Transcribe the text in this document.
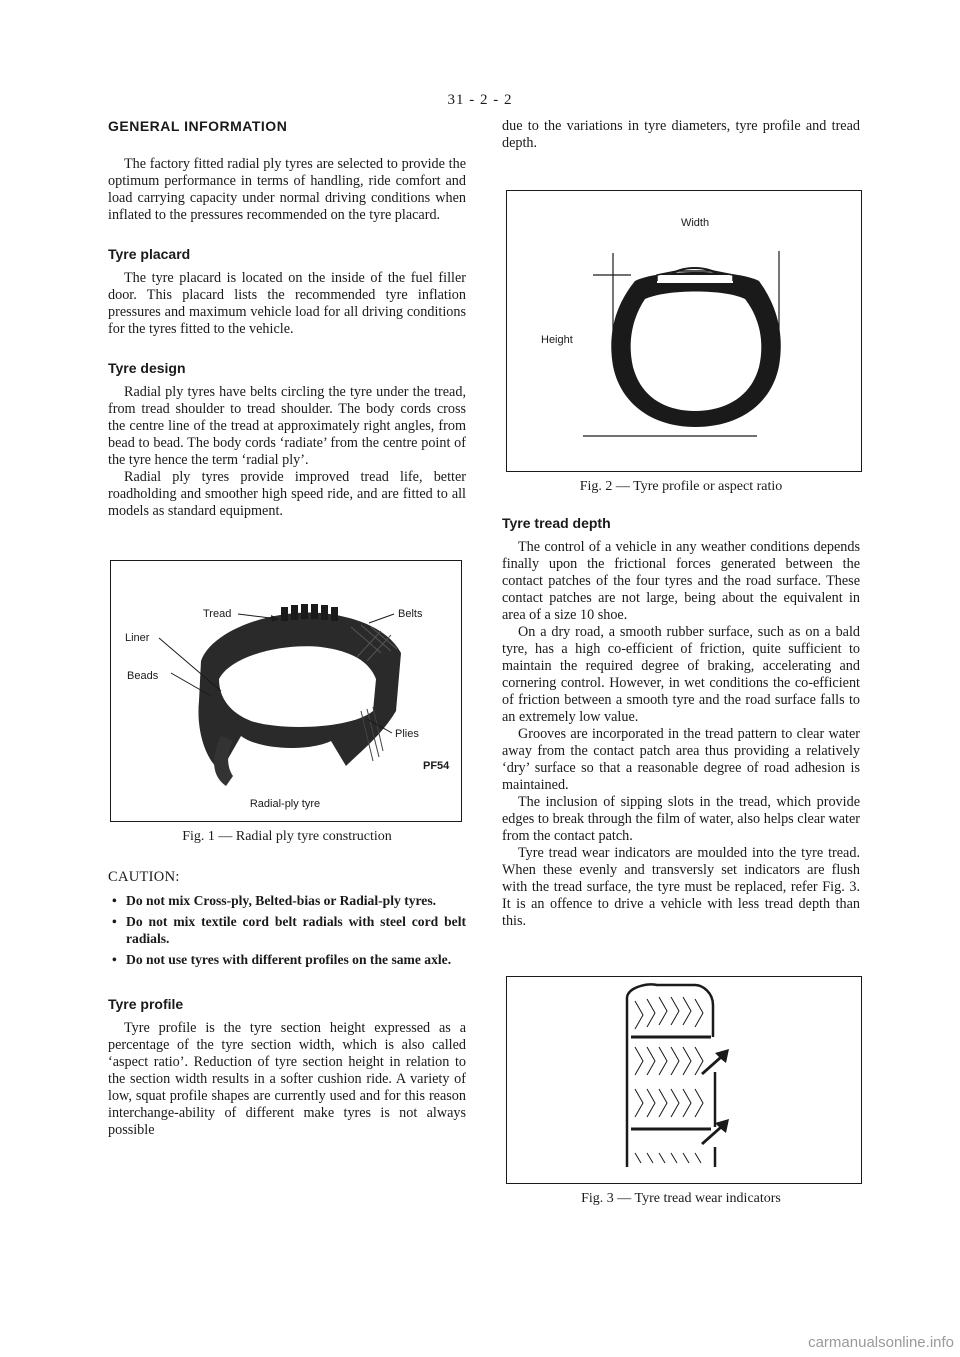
31 - 2 - 2
GENERAL INFORMATION

The factory fitted radial ply tyres are selected to provide the optimum performance in terms of handling, ride comfort and load carrying capacity under normal driving conditions when inflated to the pressures recommended on the tyre placard.

Tyre placard

The tyre placard is located on the inside of the fuel filler door. This placard lists the recommended tyre inflation pressures and maximum vehicle load for all driving conditions for the tyres fitted to the vehicle.

Tyre design

Radial ply tyres have belts circling the tyre under the tread, from tread shoulder to tread shoulder. The body cords cross the centre line of the tread at approximately right angles, from bead to bead. The body cords ‘radiate’ from the centre point of the tyre hence the term ‘radial ply’.

Radial ply tyres provide improved tread life, better roadholding and smoother high speed ride, and are fitted to all models as standard equipment.

Tread	Belts
Liner
Beads
Plies
PF54
Radial-ply tyre
Fig. 1 — Radial ply tyre construction
CAUTION:
• Do not mix Cross-ply, Belted-bias or Radial-ply tyres.
• Do not mix textile cord belt radials with steel cord belt radials.
• Do not use tyres with different profiles on the same axle.
Tyre profile

Tyre profile is the tyre section height expressed as a percentage of the tyre section width, which is also called ‘aspect ratio’. Reduction of tyre section height in relation to the section width results in a softer cushion ride. A variety of low, squat profile shapes are currently used and for this reason interchange-ability of different make tyres is not always possible

due to the variations in tyre diameters, tyre profile and tread depth.

Width
Height
Fig. 2 — Tyre profile or aspect ratio
Tyre tread depth

The control of a vehicle in any weather conditions depends finally upon the frictional forces generated between the contact patches of the four tyres and the road surface. These contact patches are not large, being about the equivalent in area of a size 10 shoe.

On a dry road, a smooth rubber surface, such as on a bald tyre, has a high co-efficient of friction, quite sufficient to maintain the required degree of braking, accelerating and cornering control. However, in wet conditions the co-efficient of friction between a smooth tyre and the road surface falls to an extremely low value.

Grooves are incorporated in the tread pattern to clear water away from the contact patch area thus providing a relatively ‘dry’ surface so that a reasonable degree of road adhesion is maintained.

The inclusion of sipping slots in the tread, which provide edges to break through the film of water, also helps clear water from the contact patch.

Tyre tread wear indicators are moulded into the tyre tread. When these evenly and transversly set indicators are flush with the tread surface, the tyre must be replaced, refer Fig. 3. It is an offence to drive a vehicle with less tread depth than this.

Fig. 3 — Tyre tread wear indicators
carmanualsonline.info
